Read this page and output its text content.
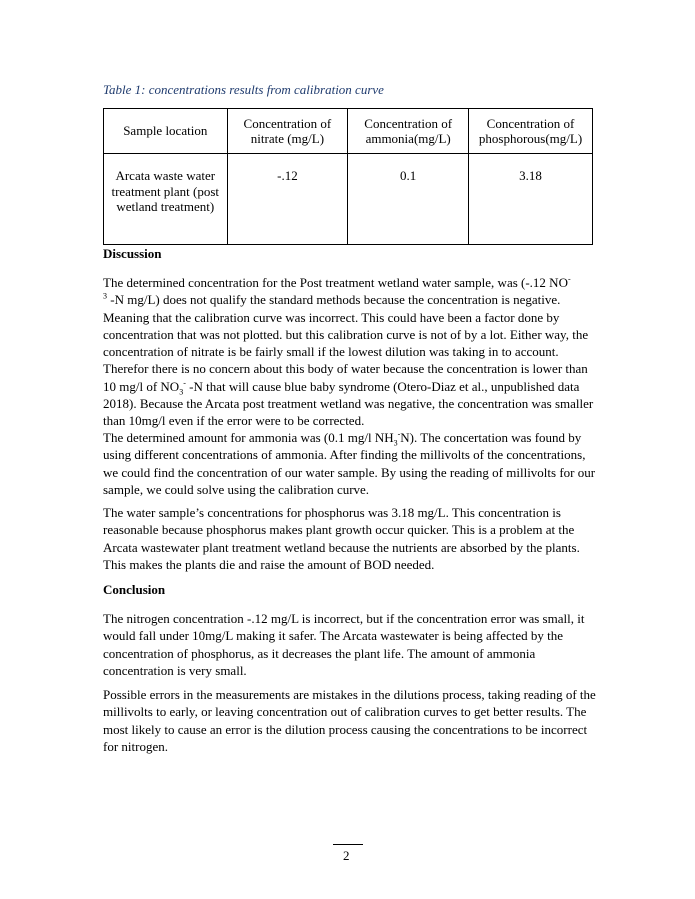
Table 1: concentrations results from calibration curve
Sample location	Concentration of nitrate (mg/L)	Concentration of ammonia(mg/L)	Concentration of phosphorous(mg/L)
Arcata waste water treatment plant (post wetland treatment)	-.12	0.1	3.18
Discussion
The determined concentration for the Post treatment wetland water sample, was (-.12 NO-
$^3$ -N mg/L) does not qualify the standard methods because the concentration is negative. Meaning that the calibration curve was incorrect. This could have been a factor done by concentration that was not plotted. but this calibration curve is not of by a lot. Either way, the concentration of nitrate is be fairly small if the lowest dilution was taking in to account. Therefor there is no concern about this body of water because the concentration is lower than 10 mg/l of $NO_3^-$ -N that will cause blue baby syndrome (Otero-Diaz et al., unpublished data 2018). Because the Arcata post treatment wetland was negative, the concentration was smaller than 10mg/l even if the error were to be corrected.
The determined amount for ammonia was (0.1 mg/l $NH_3^-N$). The concertation was found by using different concentrations of ammonia. After finding the millivolts of the concentrations, we could find the concentration of our water sample. By using the reading of millivolts for our sample, we could solve using the calibration curve.
The water sample’s concentrations for phosphorus was 3.18 mg/L. This concentration is reasonable because phosphorus makes plant growth occur quicker. This is a problem at the Arcata wastewater plant treatment wetland because the nutrients are absorbed by the plants. This makes the plants die and raise the amount of BOD needed.
Conclusion
The nitrogen concentration -.12 mg/L is incorrect, but if the concentration error was small, it would fall under 10mg/L making it safer. The Arcata wastewater is being affected by the concentration of phosphorus, as it decreases the plant life. The amount of ammonia concentration is very small.
Possible errors in the measurements are mistakes in the dilutions process, taking reading of the millivolts to early, or leaving concentration out of calibration curves to get better results. The most likely to cause an error is the dilution process causing the concentrations to be incorrect for nitrogen.
2
